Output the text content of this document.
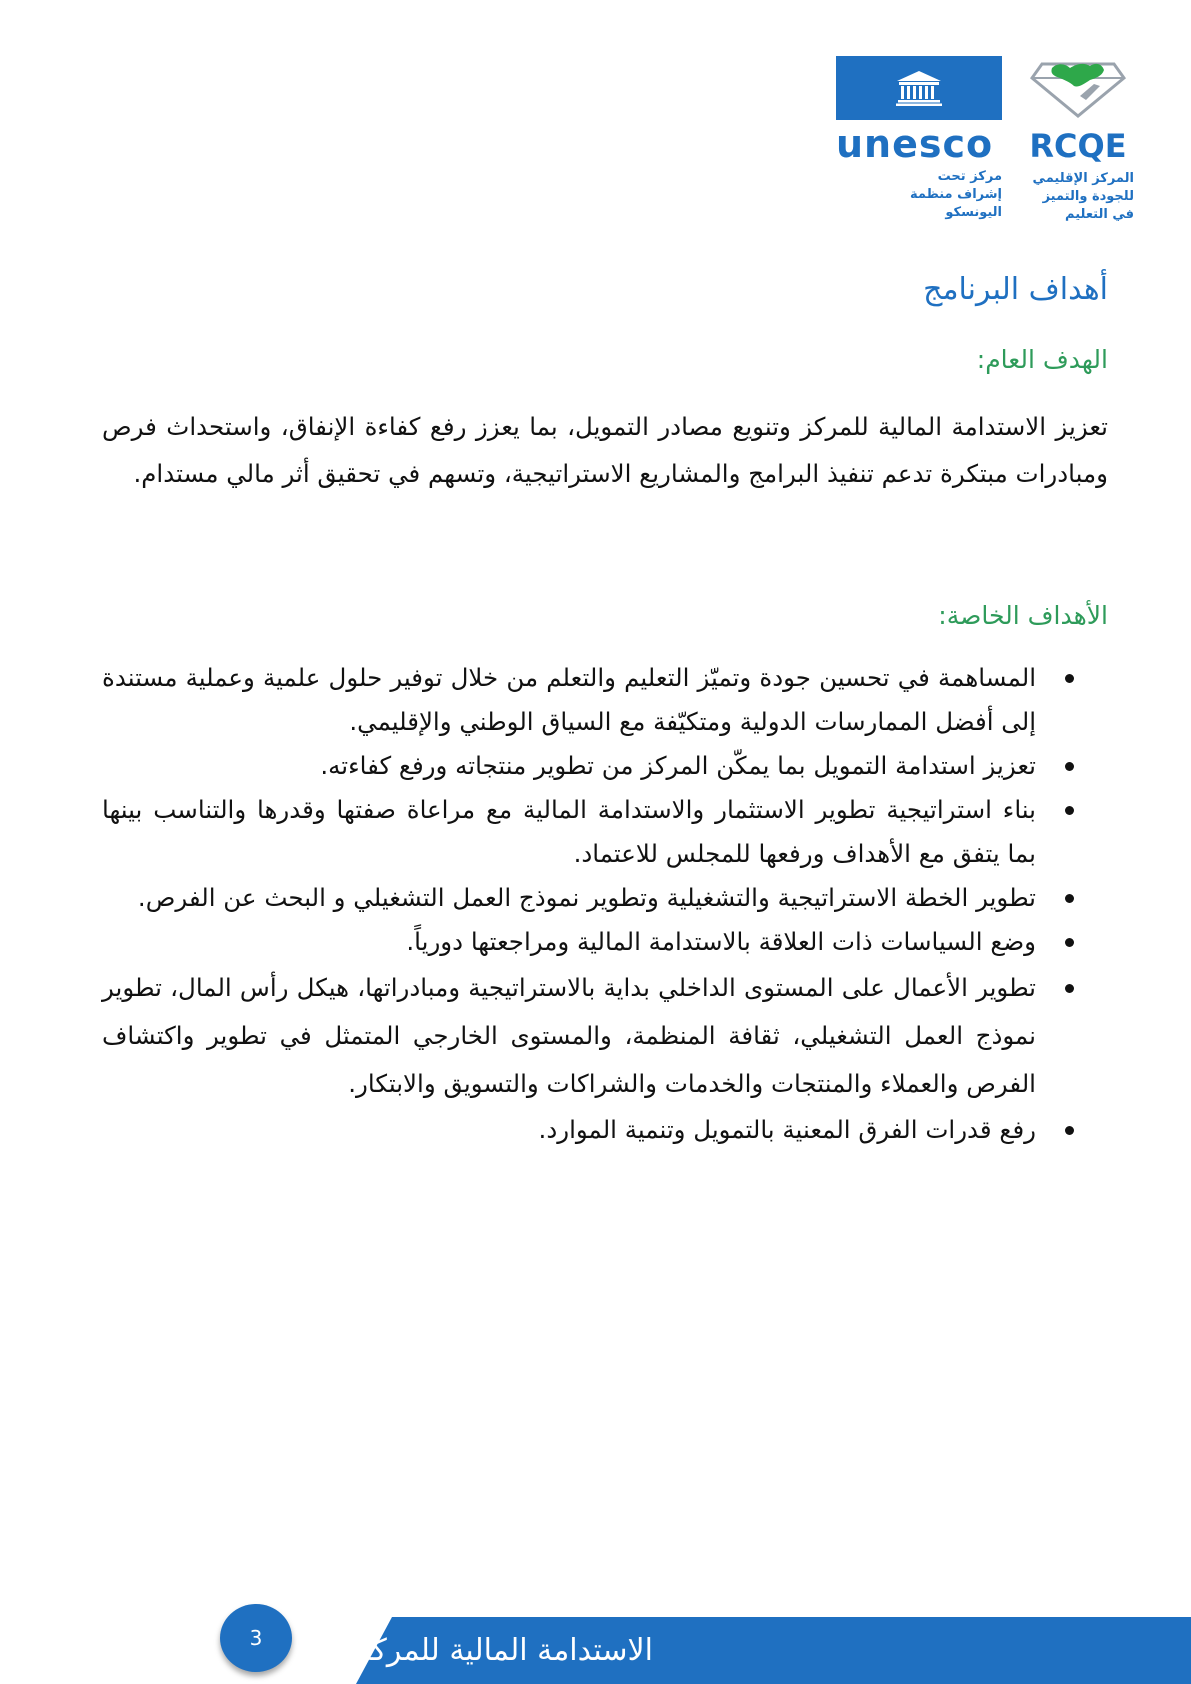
unesco
مركز تحت
إشراف منظمة
اليونسكو
RCQE
المركز الإقليمي
للجودة والتميز
في التعليم
أهداف البرنامج
الهدف العام:
تعزيز الاستدامة المالية للمركز وتنويع مصادر التمويل، بما يعزز رفع كفاءة الإنفاق، واستحداث فرص ومبادرات مبتكرة تدعم تنفيذ البرامج والمشاريع الاستراتيجية، وتسهم في تحقيق أثر مالي مستدام.
الأهداف الخاصة:
المساهمة في تحسين جودة وتميّز التعليم والتعلم من خلال توفير حلول علمية وعملية مستندة إلى أفضل الممارسات الدولية ومتكيّفة مع السياق الوطني والإقليمي.
تعزيز استدامة التمويل بما يمكّن المركز من تطوير منتجاته ورفع كفاءته.
بناء استراتيجية تطوير الاستثمار والاستدامة المالية مع مراعاة صفتها وقدرها والتناسب بينها بما يتفق مع الأهداف ورفعها للمجلس للاعتماد.
تطوير الخطة الاستراتيجية والتشغيلية وتطوير نموذج العمل التشغيلي و البحث عن الفرص.
وضع السياسات ذات العلاقة بالاستدامة المالية ومراجعتها دورياً.
تطوير الأعمال على المستوى الداخلي بداية بالاستراتيجية ومبادراتها، هيكل رأس المال، تطوير نموذج العمل التشغيلي، ثقافة المنظمة، والمستوى الخارجي المتمثل في تطوير واكتشاف الفرص والعملاء والمنتجات والخدمات والشراكات والتسويق والابتكار.
رفع قدرات الفرق المعنية بالتمويل وتنمية الموارد.
الاستدامة المالية للمركز
3
